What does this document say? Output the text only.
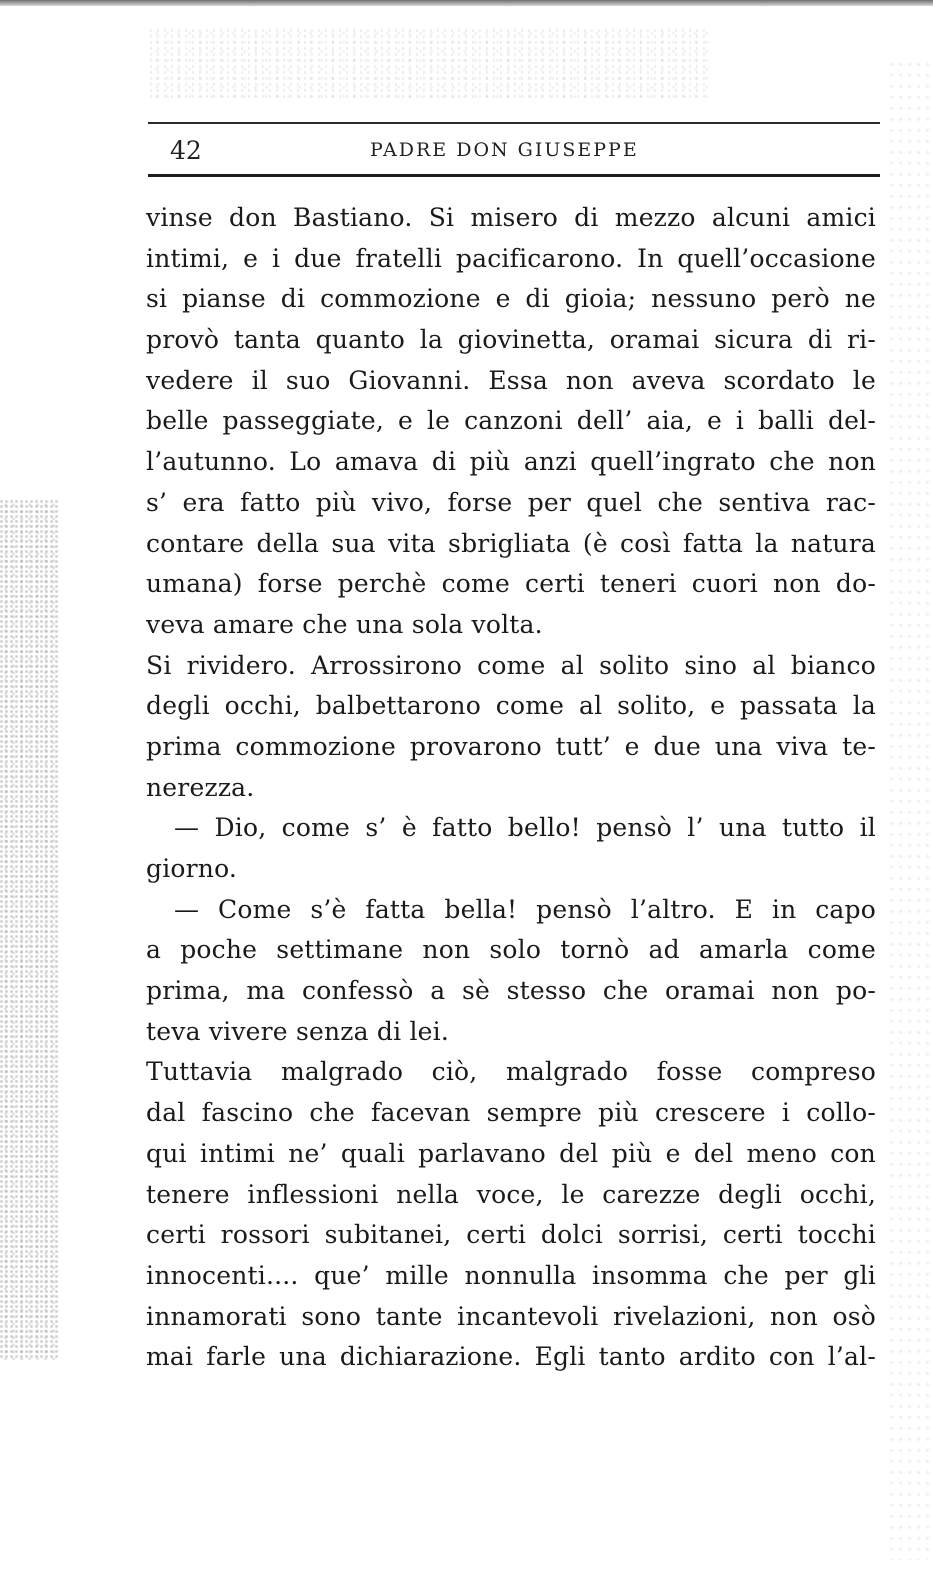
42	PADRE DON GIUSEPPE
vinse don Bastiano. Si misero di mezzo alcuni amici
intimi, e i due fratelli pacificarono. In quell’occasione
si pianse di commozione e di gioia; nessuno però ne
provò tanta quanto la giovinetta, oramai sicura di ri-
vedere il suo Giovanni. Essa non aveva scordato le
belle passeggiate, e le canzoni dell’ aia, e i balli del-
l’autunno. Lo amava di più anzi quell’ingrato che non
s’ era fatto più vivo, forse per quel che sentiva rac-
contare della sua vita sbrigliata (è così fatta la natura
umana) forse perchè come certi teneri cuori non do-
veva amare che una sola volta.
Si rividero. Arrossirono come al solito sino al bianco
degli occhi, balbettarono come al solito, e passata la
prima commozione provarono tutt’ e due una viva te-
nerezza.
— Dio, come s’ è fatto bello! pensò l’ una tutto il
giorno.
— Come s’è fatta bella! pensò l’altro. E in capo
a poche settimane non solo tornò ad amarla come
prima, ma confessò a sè stesso che oramai non po-
teva vivere senza di lei.
Tuttavia malgrado ciò, malgrado fosse compreso
dal fascino che facevan sempre più crescere i collo-
qui intimi ne’ quali parlavano del più e del meno con
tenere inflessioni nella voce, le carezze degli occhi,
certi rossori subitanei, certi dolci sorrisi, certi tocchi
innocenti.... que’ mille nonnulla insomma che per gli
innamorati sono tante incantevoli rivelazioni, non osò
mai farle una dichiarazione. Egli tanto ardito con l’al-
